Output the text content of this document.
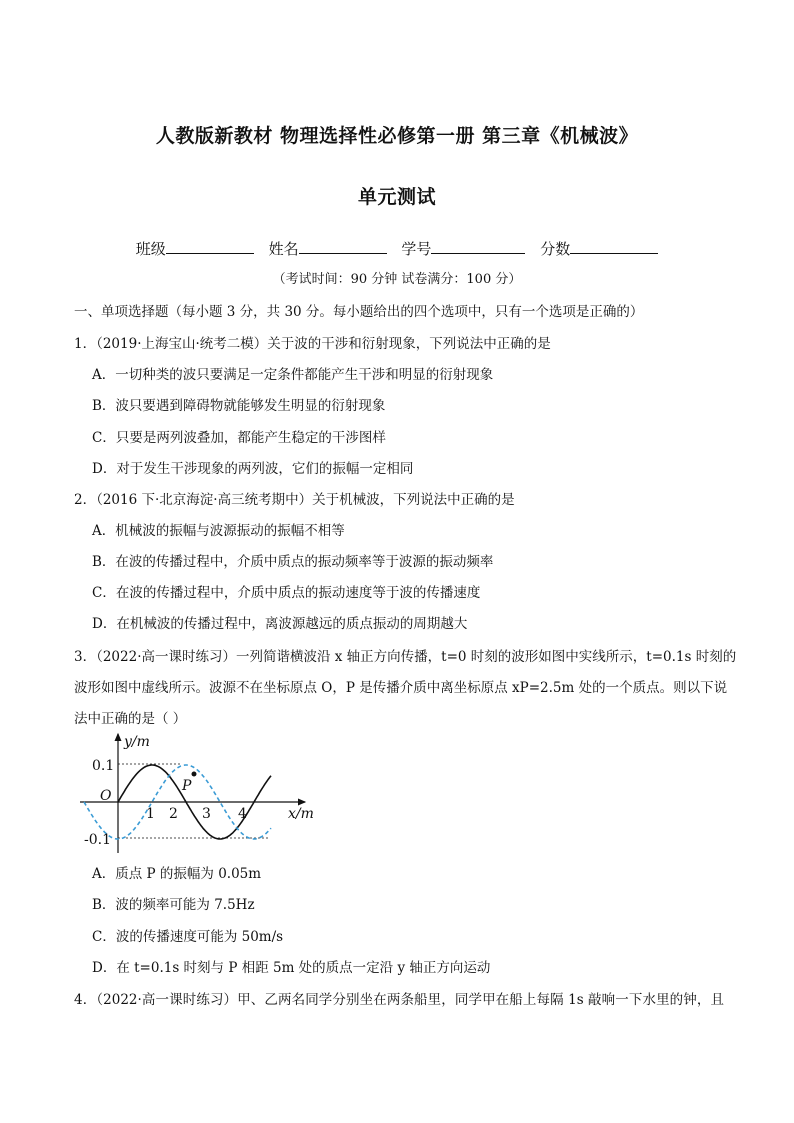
人教版新教材 物理选择性必修第一册 第三章《机械波》
单元测试
班级	姓名	学号	分数
（考试时间：90 分钟 试卷满分：100 分）
一、单项选择题（每小题 3 分，共 30 分。每小题给出的四个选项中，只有一个选项是正确的）
1．（2019·上海宝山·统考二模）关于波的干涉和衍射现象，下列说法中正确的是
A．一切种类的波只要满足一定条件都能产生干涉和明显的衍射现象
B．波只要遇到障碍物就能够发生明显的衍射现象
C．只要是两列波叠加，都能产生稳定的干涉图样
D．对于发生干涉现象的两列波，它们的振幅一定相同
2．（2016 下·北京海淀·高三统考期中）关于机械波，下列说法中正确的是
A．机械波的振幅与波源振动的振幅不相等
B．在波的传播过程中，介质中质点的振动频率等于波源的振动频率
C．在波的传播过程中，介质中质点的振动速度等于波的传播速度
D．在机械波的传播过程中，离波源越远的质点振动的周期越大
3．（2022·高一课时练习）一列简谐横波沿 x 轴正方向传播，t=0 时刻的波形如图中实线所示，t=0.1s 时刻的
波形如图中虚线所示。波源不在坐标原点 O，P 是传播介质中离坐标原点 xP=2.5m 处的一个质点。则以下说
法中正确的是（ ）
P
y/m
x/m
O
0.1
-0.1
1 2 3 4
A．质点 P 的振幅为 0.05m
B．波的频率可能为 7.5Hz
C．波的传播速度可能为 50m/s
D．在 t=0.1s 时刻与 P 相距 5m 处的质点一定沿 y 轴正方向运动
4．（2022·高一课时练习）甲、乙两名同学分别坐在两条船里，同学甲在船上每隔 1s 敲响一下水里的钟，且
